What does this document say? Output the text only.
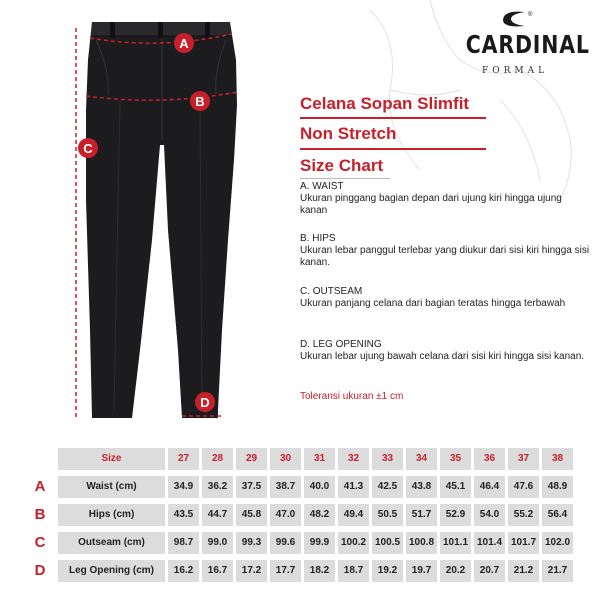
A
B
C
D
®
CARDINAL
FORMAL
Celana Sopan Slimfit
Non Stretch
Size Chart
A. WAIST
Ukuran pinggang bagian depan dari ujung kiri hingga ujung kanan
B. HIPS
Ukuran lebar panggul terlebar yang diukur dari sisi kiri hingga sisi kanan.
C. OUTSEAM
Ukuran panjang celana dari bagian teratas hingga terbawah
D. LEG OPENING
Ukuran lebar ujung bawah celana dari sisi kiri hingga sisi kanan.
Toleransi ukuran ±1 cm
Size	27	28	29	30	31	32	33	34	35	36	37	38
A	Waist (cm)	34.9	36.2	37.5	38.7	40.0	41.3	42.5	43.8	45.1	46.4	47.6	48.9
B	Hips (cm)	43.5	44.7	45.8	47.0	48.2	49.4	50.5	51.7	52.9	54.0	55.2	56.4
C	Outseam (cm)	98.7	99.0	99.3	99.6	99.9	100.2 100.5 100.8 101.1 101.4 101.7 102.0
D	Leg Opening (cm)	16.2	16.7	17.2	17.7	18.2	18.7	19.2	19.7	20.2	20.7	21.2	21.7
